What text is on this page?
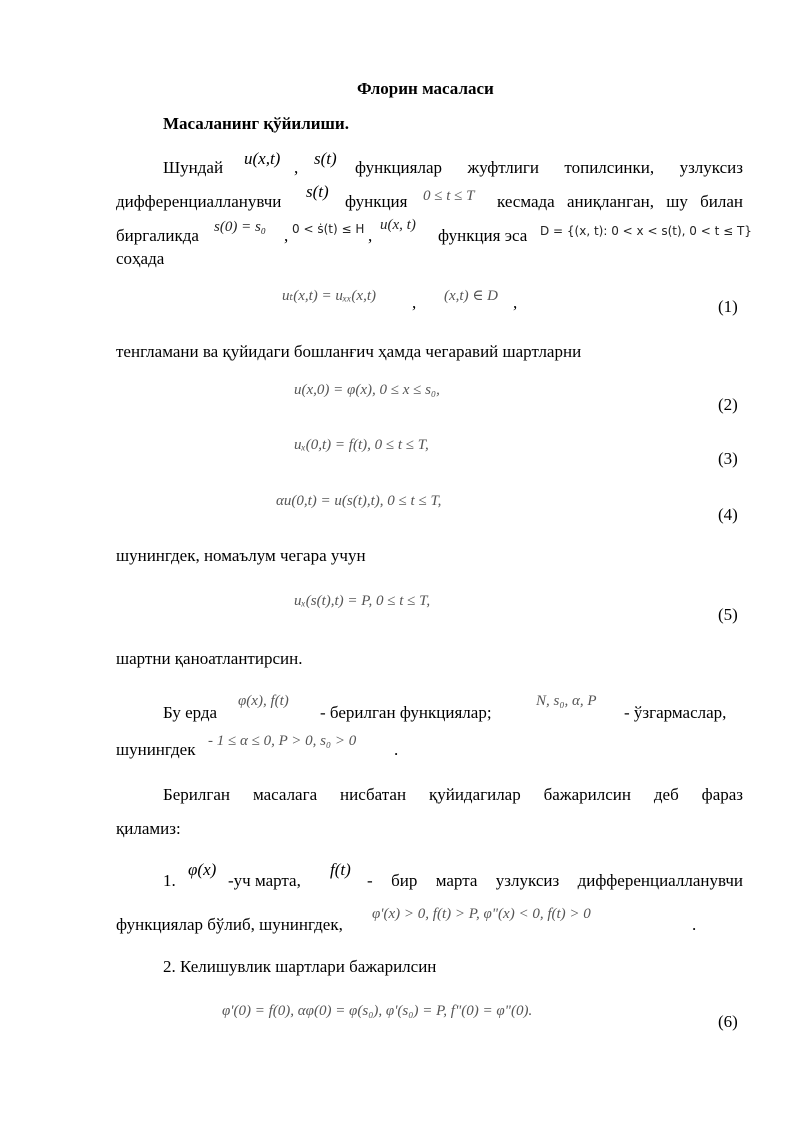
Флорин масаласи
Масаланинг қўйилиши.
Шундай u(x,t) , s(t) функциялар жуфтлиги топилсинки, узлуксиз
дифференциалланувчи
s(t)
функция 0 ≤ t ≤ T кесмада аниқланган, шу билан
биргаликда s(0) = s₀ , 0 < ṡ(t) ≤ H ,
u(x, t)
функция эса D = {(x, t): 0 < x < s(t), 0 < t ≤ T}
соҳада
uₜ(x,t) = uₓₓ(x,t) , (x,t) ∈ D ,	(1)
тенгламани ва қуйидаги бошланғич ҳамда чегаравий шартларни
u(x,0) = φ(x), 0 ≤ x ≤ s₀,
(2)
uₓ(0,t) = f(t), 0 ≤ t ≤ T,
(3)
αu(0,t) = u(s(t),t), 0 ≤ t ≤ T,
(4)
шунингдек, номаълум чегара учун
uₓ(s(t),t) = P, 0 ≤ t ≤ T,
(5)
шартни қаноатлантирсин.
Бу ерда
φ(x), f(t)
- берилган функциялар;
N, s₀, α, P
- ўзгармаслар,
шунингдек - 1 ≤ α ≤ 0, P > 0, s₀ > 0 .
Берилган масалага нисбатан қуйидагилар бажарилсин деб фараз
қиламиз:
1.
φ(x)
-уч марта,
f(t)
- бир марта узлуксиз дифференциалланувчи
функциялар бўлиб, шунингдек,
φ'(x) > 0, f(t) > P, φ"(x) < 0, f(t) > 0
.
2. Келишувлик шартлари бажарилсин
φ'(0) = f(0), αφ(0) = φ(s₀), φ'(s₀) = P, f"(0) = φ"(0).
(6)
